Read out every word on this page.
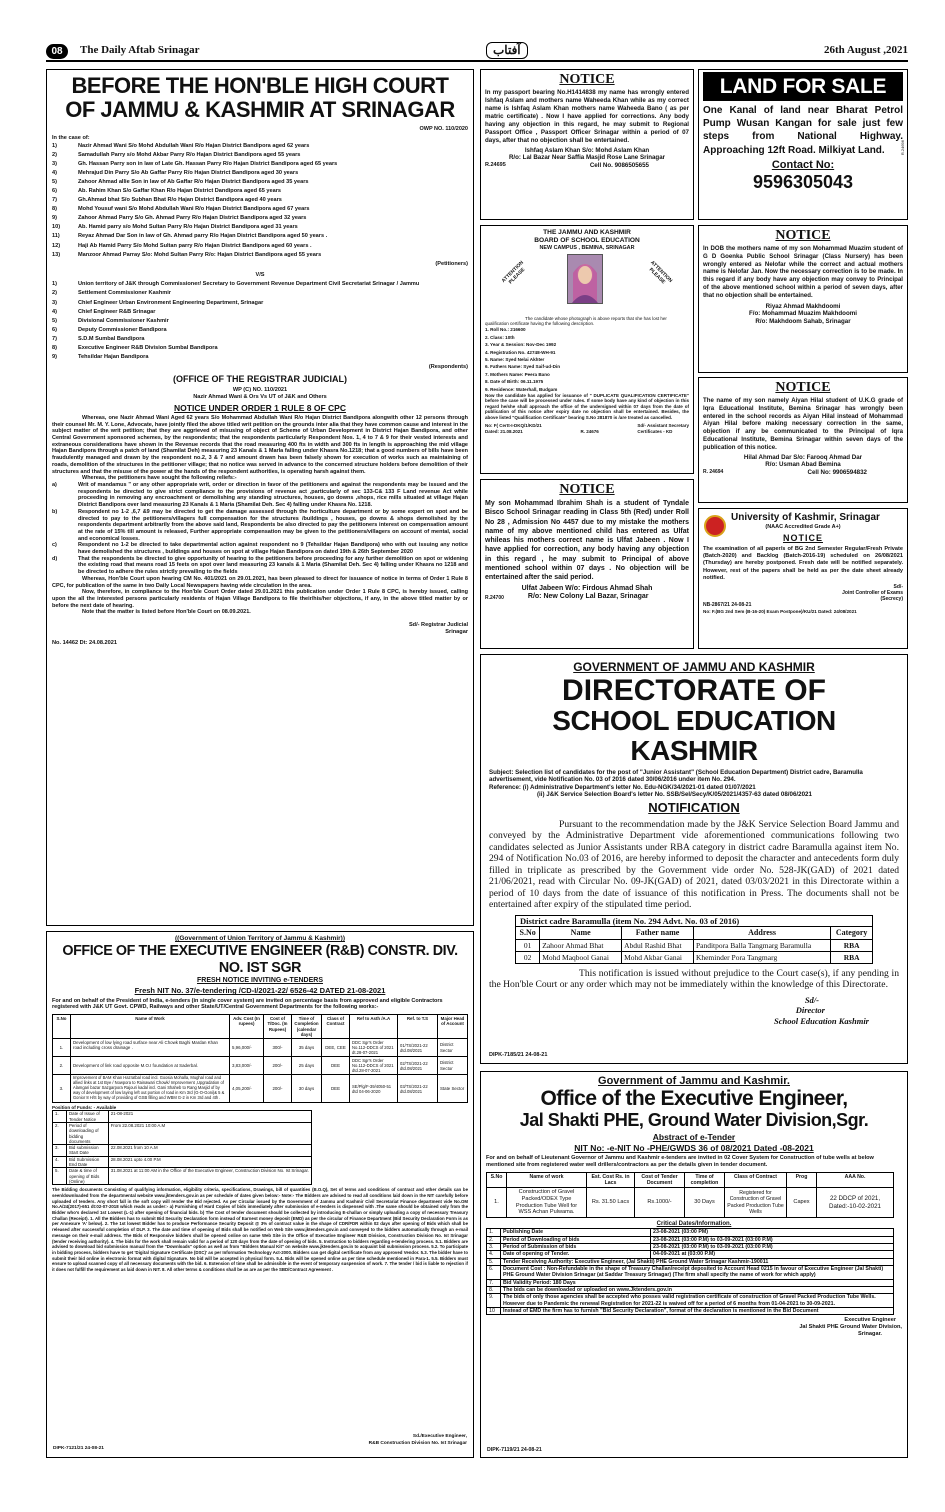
08	The Daily Aftab Srinagar	آفتاب	26th August ,2021
BEFORE THE HON'BLE HIGH COURT
OF JAMMU & KASHMIR AT SRINAGAR
OWP NO. 110/2020
In the case of:
1)	Nazir Ahmad Wani S/o Mohd Abdullah Wani R/o Hajan District Bandipora aged 62 years
2)	Samadullah Parry s/o Mohd Akbar Parry R/o Hajan District Bandipora aged 55 years
3)	Gh. Hassan Parry son in law of Late Gh. Hassan Parry R/o Hajan District Bandipora aged 65 years
4)	Mehrajud Din Parry S/o Ab Gaffar Parry R/o Hajan District Bandipora aged 30 years
5)	Zahoor Ahmad allie Son in law of Ab Gaffar R/o Hajan District Bandipora aged 35 years
6)	Ab. Rahim Khan S/o Gaffar Khan R/o Hajan District Dandipora aged 65 years
7)	Gh.Ahmad bhat S/o Subhan Bhat R/o Hajan District Bandipora aged 40 years
8)	Mohd Yousuf wani S/o Mohd Abdullah Wani R/o Hajan District Bandipora aged 67 years
9)	Zahoor Ahmad Parry S/o Gh. Ahmad Parry R/o Hajan District Bandipora aged 32 years
10)	Ab. Hamid parry s/o Mohd Sultan Parry R/o Hajan District Bandipora aged 31 years
11)	Reyaz Ahmad Dar Son in law of Gh. Ahmad parry R/o Hajan District Bandipora aged 50 years .
12)	Haji Ab Hamid Parry S/o Mohd Sultan parry R/o Hajan District Bandipora aged 60 years .
13)	Manzoor Ahmad Parray S/o: Mohd Sultan Parry R/o: Hajan District Bandipora aged 55 years
(Petitioners)
V/S
1)	Union territory of J&K through Commissioner/ Secretary to Government Revenue Department Civil Secretariat Srinagar / Jammu
2)	Settlement Commissioner Kashmir
3)	Chief Engineer Urban Environment Engineering Department, Srinagar
4)	Chief Engineer R&B Srinagar
5)	Divisional Commissioner Kashmir
6)	Deputy Commissioner Bandipora
7)	S.D.M Sumbal Bandipora
8)	Executive Engineer R&B Division Sumbal Bandipora
9)	Tehsildar Hajan Bandipora
(Respondents)
(OFFICE OF THE REGISTRAR JUDICIAL)
WP (C) NO. 110/2021
Nazir Ahmad Wani & Ors Vs UT of J&K and Others
NOTICE UNDER ORDER 1 RULE 8 OF CPC

Whereas, one Nazir Ahmad Wani Aged 62 years S/o Mohammad Abdullah Wani R/o Hajan District Bandipora alongwith other 12 persons through their counsel Mr. M. Y. Lone, Advocate, have jointly filed the above titled writ petition on the grounds inter alia that they have common cause and interest in the subject matter of the writ petition; that they are aggrieved of misusing of object of Scheme of Urban Development in District Hajan Bandipora, and other Central Government sponsored schemes, by the respondents; that the respondents particularly Respondent Nos. 1, 4 to 7 & 9 for their vested interests and extraneous considerations have shown in the Revenue records that the road measuring 400 fts in width and 300 fts in length is approaching the mid village Hajan Bandipora through a patch of land (Shamilat Deh) measuring 23 Kanals & 1 Marla falling under Khasra No.1218; that a good numbers of bills have been fraudulently managed and drawn by the respondent no.2, 3 & 7 and amount drawn has been falsely shown for execution of works such as maintaining of roads, demolition of the structures in the petitioner village; that no notice was served in advance to the concerned structure holders before demolition of their structures and that the misuse of the power at the hands of the respondent authorities, is operating harsh against them.

Whereas, the petitioners have sought the following reliefs:-

a)	Writ of mandamus " or any other appropriate writ, order or direction in favor of the petitioners and against the respondents may be issued and the respondents be directed to give strict compliance to the provisions of revenue act ,particularly of sec 133-C& 133 F Land revenue Act while proceeding in removing any encroachment or demolishing any standing structures, houses, go downs ,shops, rice mills situated at village Hajan District Bandipora over land measuring 23 Kanals & 1 Maria (Shamilat Deh. Sec 4) falling under Khasra No. 1218.
b)	Respondent no 1-2 ,6,7 &9 may be directed to get the damage assessed through the horticulture department or by some expert on spot and be directed to pay to the petitioners/villagers full compensation for the structures /buildings , houses, go downs & shops demolished by the respondents department arbitrarily from the above said land, Respondents be also directed to pay the petitioners interest on compensation amount at the rate of 15% till amount is released, Further appropriate compensation may be given to the petitioners/villagers on account of mental, social and economical losses.
c)	Respondent no 1-2 be directed to take departmental action against respondent no 9 (Tehsildar Hajan Bandipora) who with out issuing any notice have demolished the structures , buildings and houses on spot at village Hajan Bandipora on dated 19th & 26th September 2020
d)	That the respondents be directed to give opportunity of hearing to the petitioners before proceeding for any further demolition on spot or widening the existing road that means road 15 feets on spot over land measuring 23 kanals & 1 Maria (Shamilat Deh. Sec 4) falling under Khasra no 1218 and be directed to adhere the rules strictly prevailing to the fields

Whereas, Hon'ble Court upon hearing CM No. 401/2021 on 29.01.2021, has been pleased to direct for issuance of notice in terms of Order 1 Rule 8 CPC, for publication of the same in two Daily Local Newspapers having wide circulation in the area.

Now, therefore, in compliance to the Hon'ble Court Order dated 29.01.2021 this publication under Order 1 Rule 8 CPC, is hereby issued, calling upon the all the interested persons particularly residents of Hajan Village Bandipora to file their/his/her objections, if any, in the above titled matter by or before the next date of hearing.

Note that the matter is listed before Hon'ble Court on 08.09.2021.

Sd/- Registrar Judicial
Srinagar
No. 14462 Dt: 24.08.2021
NOTICE

In my passport bearing No.H1414838 my name has wrongly entered Ishfaq Aslam and mothers name Waheeda Khan while as my correct name is Ishfaq Aslam Khan mothers name Waheeda Bano ( as per matric certificate) . Now I have applied for corrections. Any body having any objection in this regard, he may submit to Regional Passport Office , Passport Officer Srinagar within a period of 07 days, after that no objection shall be entertained.

Ishfaq Aslam Khan S/o: Mohd Aslam Khan
R/o: Lal Bazar Near Saffia Masjid Rose Lane Srinagar
R.24695	Cell No. 9086505655
LAND FOR SALE

One Kanal of land near Bharat Petrol Pump Wusan Kangan for sale just few steps from National Highway. Approaching 12ft Road. Milkiyat Land.

Contact No:
9596305043
R.24696
THE JAMMU AND KASHMIR
BOARD OF SCHOOL EDUCATION
NEW CAMPUS , BEMINA, SRINAGAR
ATTENTION PLEASE	ATTENTION PLEASE

The candidate whose photograph is above reports that she has lost her qualification certificate having the following description.

1. Roll No.: 216600
2. Class: 10th
3. Year & Session: Nov-Dec 1992
4. Registration No. 42748-WH-91
5. Name: Syed Nelai Akhter
6. Fathers Name: Syed Saif-ud-Din
7. Mothers Name: Peera Bano
8. Date of Birth: 06.11.1975
9. Residence: Waterhall, Budgam

Now the candidate has applied for issuance of " DUPLICATE QUALIFICATION CERTIFICATE" before the case will be processed under rules. If some body have any kind of objection in this regard he/she shall approach the office of the undersigned within 07 days from the date of publication of this notice after expiry date no objection shall be entertained. Besides, the above listed "Qualification Certificate" bearing S.No 281870 is /are treated as cancelled.

No: F( Certt-I-DKQ/1/KD/21
Dated: 21.08.2021	R. 24676
Sd/- Assistant Secretary
Certificates - KD
NOTICE

In DOB the mothers name of my son Mohammad Muazim student of G D Goenka Public School Srinagar (Class Nursery) has been wrongly entered as Nelofar while the correct and actual mothers name is Nelofar Jan. Now the necessary correction is to be made. In this regard if any body have any objection may convey to Principal of the above mentioned school within a period of seven days, after that no objection shall be entertained.

Riyaz Ahmad Makhdoomi
F/o: Mohammad Muazim Makhdoomi
R/o: Makhdoom Sahab, Srinagar
NOTICE

The name of my son namely Aiyan Hilal student of U.K.G grade of Iqra Educational Institute, Bemina Srinagar has wrongly been entered in the school records as Aiyan Hilal instead of Mohammad Aiyan Hilal before making necessary correction in the same, objection if any be communicated to the Principal of Iqra Educational Institute, Bemina Srinagar within seven days of the publication of this notice.

Hilal Ahmad Dar S/o: Farooq Ahmad Dar
R/o: Usman Abad Bemina
R. 24694	Cell No: 9906594832
NOTICE

My son Mohammad Ibrahim Shah is a student of Tyndale Bisco School Srinagar reading in Class 5th (Red) under Roll No 28 , Admission No 4457 due to my mistake the mothers name of my above mentioned child has entered as Ulfat whileas his mothers correct name is Ulfat Jabeen . Now I have applied for correction, any body having any objection in this regard , he may submit to Principal of above mentioned school within 07 days . No objection will be entertained after the said period.

Ulfat Jabeen W/o: Firdous Ahmad Shah
R.24700	R/o: New Colony Lal Bazar, Srinagar
University of Kashmir, Srinagar
(NAAC Accredited Grade A+)
NOTICE

The examination of all paper/s of BG 2nd Semester Regular/Fresh Private (Batch-2020) and Backlog (Batch-2016-19) scheduled on 26/08/2021 (Thursday) are hereby postponed. Fresh date will be notified separately. However, rest of the papers shall be held as per the date sheet already notified.

Sd/-
Joint Controller of Exams
(Secrecy)
NB-2867/21 24-08-21
No: F.(BG 2nd Sem (B-16-20) Exam Postpone)/KU/21 Dated: 24/08/2021
GOVERNMENT OF JAMMU AND KASHMIR
DIRECTORATE OF
SCHOOL EDUCATION KASHMIR

Subject: Selection list of candidates for the post of "Junior Assistant" (School Education Department) District cadre, Baramulla advertisement, vide Notification No. 03 of 2016 dated 30/06/2016 under item No. 294.

Reference: (i) Administrative Department's letter No. Edu-NGK/34/2021-01 dated 01/07/2021
(ii) J&K Service Selection Board's letter No. SSB/Sel/Secy/K/05/2021/4357-63 dated 08/06/2021
NOTIFICATION

Pursuant to the recommendation made by the J&K Service Selection Board Jammu and conveyed by the Administrative Department vide aforementioned communications following two candidates selected as Junior Assistants under RBA category in district cadre Baramulla against item No. 294 of Notification No.03 of 2016, are hereby informed to deposit the character and antecedents form duly filled in triplicate as prescribed by the Government vide order No. 528-JK(GAD) of 2021 dated 21/06/2021, read with Circular No. 09-JK(GAD) of 2021, dated 03/03/2021 in this Directorate within a period of 10 days from the date of issuance of this notification in Press. The documents shall not be entertained after expiry of the stipulated time period.

District cadre Baramulla (item No. 294 Advt. No. 03 of 2016)
S.No	Name	Father name	Address	Category
01	Zahoor Ahmad Bhat	Abdul Rashid Bhat	Panditpora Balla Tangmarg Baramulla	RBA
02	Mohd Maqbool Ganai	Mohd Akbar Ganai	Kheminder Pora Tangmarg	RBA

This notification is issued without prejudice to the Court case(s), if any pending in the Hon'ble Court or any order which may not be immediately within the knowledge of this Directorate.

Sd/-
Director
School Education Kashmir
DIPK-7185/21 24-08-21
((Government of Union Territory of Jammu & Kashmir))
OFFICE OF THE EXECUTIVE ENGINEER (R&B) CONSTR. DIV. NO. IST SGR
FRESH NOTICE INVITING e-TENDERS
Fresh NIT No. 37/e-tendering /CD-I/2021-22/ 6526-42 DATED 21-08-2021

For and on behalf of the President of India, e-tenders (in single cover system) are invited on percentage basis from approved and eligible Contractors registered with J&K UT Govt. CPWD, Railways and other State/UT/Central Government Departments for the following works:-

S.No	Name of Work	Adv. Cost (In rupees)	Cost of T/Doc. (In Rupees)	Time of Completion (calendar days)	Class of Contract	Ref to Asth /A.A	Ref. to T.S	Major Head of Account
1.	Development of low lying road surface near Ali Chowk Baghi Mardan Khan road including cross drainage .	5,96,000/-	300/-	35 days	DEE, CEE	DDC Sgr's Order No.112-DDCS of 2021 dt.28-07-2021	01/TS/2021-22 dtd.08/2021	District Sector
2.	Development of link road opposite M.O.I foundation at Saderbal.	3,83,000/-	200/-	25 days	DEE	DDC Sgr's Order No.112-DDCS of 2021 dtd.28-07-2021	02/TS/2021-22 dtd.08/2021	District Sector
3.	Improvement of BAM Khan Hazratbal road incl. Goosia Mohalla, Mughal road and allied links at 1st Bye / Nowpora to Rainawari Chowk/ Improvement ,Upgradation of Alamgari bazar Sazgarpora Rajouri kadal incl. Gani Shaheb to Rang Masjid of by way of development of low laying left out portion of road in Km 3rd (G-O-Goni)& 5 & Gonior 8 H/S by way of providing of GSB filling and WBM G-2 in Km 3rd and 4th .	4,05,200/-	200/-	30 days	DEE	SE/Plg/F-39/4050-51 dtd 04-06-2020	03/TS/2021-22 dtd.08/2021	State Sector
Position of Funds: - Available
1.	Date of Issue of Tender Notice	21-08-2021
2.	Period of downloading of bidding documents	From 22.08.2021 10:00 A.M
3.	Bid submission Start Date	22.08.2021 from 10 A.M
4.	Bid Submission End Date	28.08.2021 upto 4.00 P.M
5.	Date & time of opening of Bids (Online)	31.08.2021 at 11:00 AM in the Office of the Executive Engineer, Construction Division No. Ist Srinagar.

The Bidding documents Consisting of qualifying information, eligibility criteria, specifications, Drawings, bill of quantities (B.O.Q), Set of terms and conditions of contract and other details can be seen/downloaded from the departmental website www.jktenders.gov.in as per schedule of dates given below:- Note:- The Bidders are advised to read all conditions laid down in the NIT carefully before uploaded of tenders. Any short fall in the soft copy will render the Bid rejected. As per Circular issued by the Government of Jammu and Kashmir Civil Secretariat Finance department vide No.OM No.A/24(2017)-651 dt:02-07-2018 which reads as under:- a) Furnishing of Hard Copies of bids immediately after submission of e-tenders is dispensed with .The same should be obtained only from the Bidder who's declared 1st Lowest (L-1) after opening of financial bids. b) The Cost of tender document should be collected by introducing E-challan or simply uploading a copy of necessary Treasury Challan (Receipt). 1. All the Bidders has to submit Bid Security Declaration form instead of Earnest money deposit (EMD) as per the circular of Finance Department (Bid Security Declaration Form is as per Annexure 'A' below). 2. The 1st lowest Bidder has to produce Performance Security Deposit @ 3% of contract value in the shape of CDR/FDR within 02 days after opening of Bids which shall be released after successful completion of DLP. 3. The date and time of opening of Bids shall be notified on Web Site www.jktenders.gov.in and conveyed to the bidders automatically through an e-mail message on their e-mail address. The Bids of Responsive bidders shall be opened online on same Web Site in the Office of Executive Engineer R&B Division, Construction Division No. Ist Srinagar (tender receiving authority). 4. The bids for the work shall remain valid for a period of 120 days from the date of opening of bids. 5. Instruction to bidders regarding e-tendering process. 5.1. Bidders are advised to download bid submission manual from the "Downloads" option as well as from "Bidders Manual Kit" on website www.jktenders.gov.in to acquaint bid submission process. 5.2. To participate in bidding process, bidders have to get 'Digital Signature Certificate (DSC)' as per Information Technology Act-2000. Bidders can get digital certificate from any approved Vendor. 5.3. The bidder have to submit their bid online in electronic format with digital Signature. No bid will be accepted in physical form. 5.4. Bids will be opened online as per time schedule mentioned in Para-1. 5.5. Bidders must ensure to upload scanned copy of all necessary documents with the bid. 6. Extension of time shall be admissible in the event of temporary suspension of work. 7. The tender / bid is liable to rejection if it does not fulfill the requirement as laid down in NIT. 8. All other terms & conditions shall be as are as per the SBD/Contract Agreement .

Sd./Executive Engineer,
R&B Construction Division No. Ist Srinagar
DIPK-7121/21 24-08-21
Government of Jammu and Kashmir.
Office of the Executive Engineer,
Jal Shakti PHE, Ground Water Division,Sgr.
Abstract of e-Tender
NIT No: -e-NIT No -PHE/GWDS 36 of 08/2021 Dated -08-2021

For and on behalf of Lieutenant Governor of Jammu and Kashmir e-tenders are invited in 02 Cover System for Construction of tube wells at below mentioned site from registered water well drillers/contractors as per the details given in tender document.

S.No	Name of work	Est. Cost Rs. in Lacs	Cost of Tender Document	Time of completion	Class of Contract	Prog	AAA No.
1.	Construction of Gravel Packed/ODEX Type Production Tube Well for WSS Achan Pulwama.	Rs. 31.50 Lacs	Rs.1000/-	30 Days	Registered for Construction of Gravel Packed Production Tube Wells	Capex	22 DDCP of 2021, Dated:-10-02-2021
Critical Dates/Information.
1.	Publishing Date	23-08-2021 (03:00 PM)
2.	Period of Downloading of bids	23-08-2021 (03:00 P.M) to 03-09-2021 (03:00 P.M)
3.	Period of Submission of bids	23-08-2021 (03:00 P.M) to 03-09-2021 (03:00 P.M)
4.	Date of opening of Tender.	04-09-2021 at (03:00 P.M)
5.	Tender Receiving Authority: Executive Engineer, (Jal Shakti) PHE Ground Water Srinagar Kashmir-190011	
6.	Document Cost : Non-Refundable in the shape of Treasury Challan/receipt deposited to Account Head 0215 in favour of Executive Engineer (Jal Shakti) PHE Ground Water Division Srinagar (at Saddar Treasury Srinagar) (The firm shall specify the name of work for which apply)	
7.	Bid Validity Period: 180 Days	
8.	The bids can be downloaded or uploaded on www.Jktenders.gov.in	
9.	The bids of only those agencies shall be accepted who posses valid registration certificate of construction of Gravel Packed Production Tube Wells. However due to Pandemic the renewal Registration for 2021-22 is waived off for a period of 6 months from 01-04-2021 to 30-09-2021.	
10	Instead of EMD the firm has to furnish "Bid Security Declaration", format of the declaration is mentioned in the Bid Document	
Executive Engineer
Jal Shakti PHE Ground Water Division,
Srinagar.
DIPK-7119/21 24-08-21
